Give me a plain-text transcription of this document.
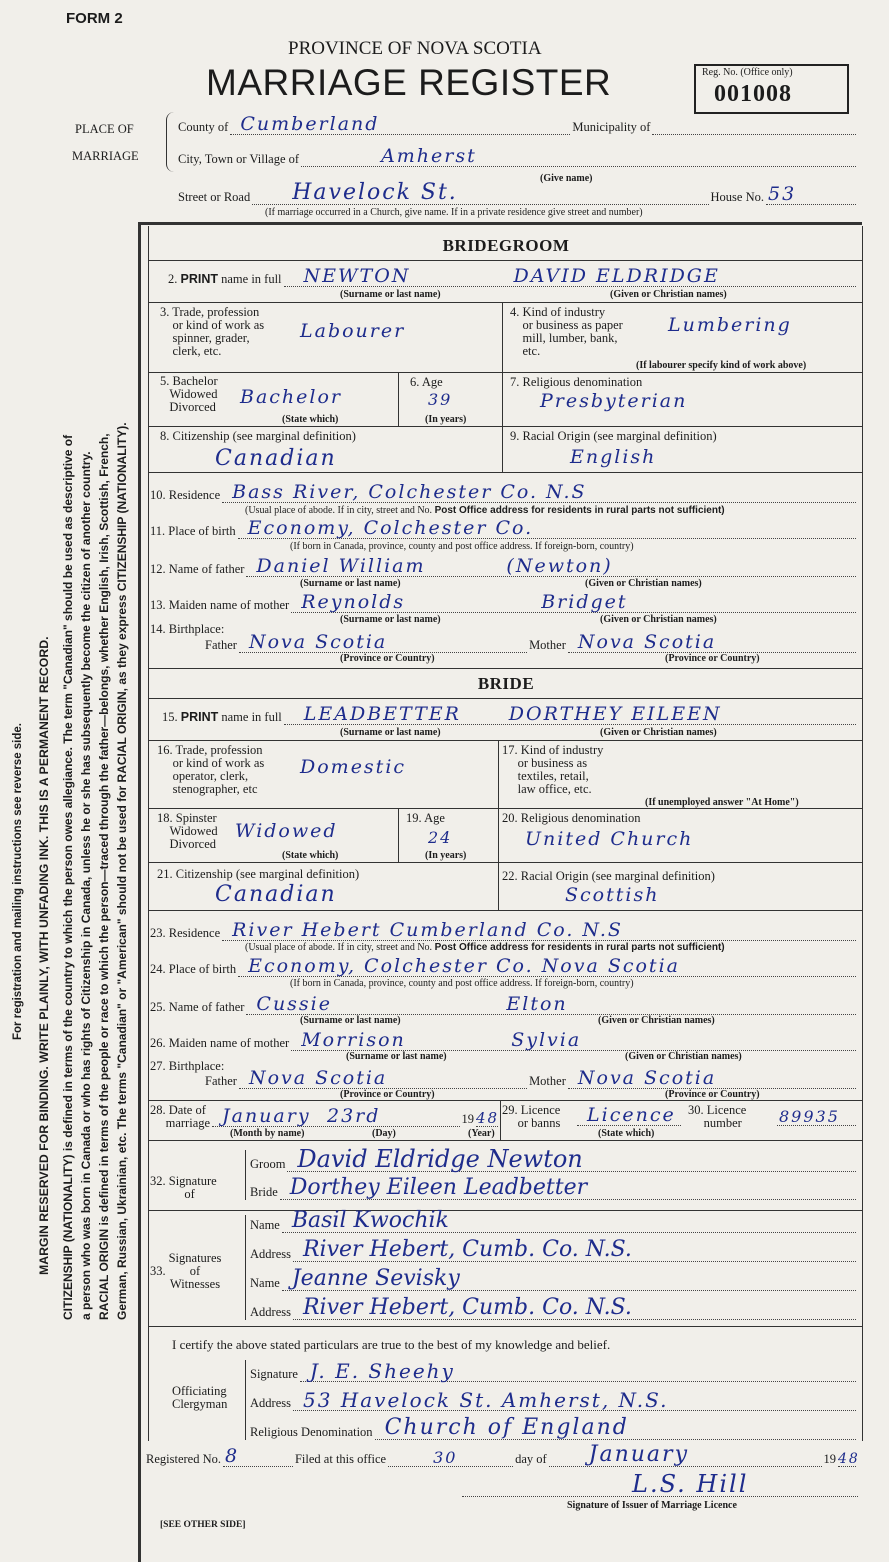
FORM 2
PROVINCE OF NOVA SCOTIA
MARRIAGE REGISTER	Reg. No. (Office only)
001008
PLACE OF
MARRIAGE
County of Cumberland	Municipality of
City, Town or Village of	Amherst
(Give name)
Street or Road Havelock St.	House No. 53
(If marriage occurred in a Church, give name. If in a private residence give street and number)
For registration and mailing instructions see reverse side. MARGIN RESERVED FOR BINDING. WRITE PLAINLY, WITH UNFADING INK. THIS IS A PERMANENT RECORD. CITIZENSHIP (NATIONALITY) is defined in terms of the country to which the person owes allegiance. The term "Canadian" should be used as descriptive of a person who was born in Canada or who has rights of Citizenship in Canada, unless he or she has subsequently become the citizen of another country. RACIAL ORIGIN is defined in terms of the people or race to which the person—traced through the father—belongs, whether English, Irish, Scottish, French, German, Russian, Ukrainian, etc. The terms "Canadian" or "American" should not be used for RACIAL ORIGIN, as they express CITIZENSHIP (NATIONALITY).
BRIDEGROOM
2. PRINT name in full NEWTON	DAVID ELDRIDGE
(Surname or last name)	(Given or Christian names)
3. Trade, profession
or kind of work as
spinner, grader,
clerk, etc.
Labourer
4. Kind of industry
or business as paper
mill, lumber, bank,
etc.
Lumbering
(If labourer specify kind of work above)
5. Bachelor
Widowed
Divorced Bachelor
(State which)
6. Age
39
(In years)
7. Religious denomination
Presbyterian
8. Citizenship (see marginal definition)
Canadian
9. Racial Origin (see marginal definition)
English
10. Residence Bass River, Colchester Co. N.S
(Usual place of abode. If in city, street and No. Post Office address for residents in rural parts not sufficient)
11. Place of birth Economy, Colchester Co.
(If born in Canada, province, county and post office address. If foreign-born, country)
12. Name of father Daniel William	(Newton)
(Surname or last name)	(Given or Christian names)
13. Maiden name of mother Reynolds	Bridget
(Surname or last name)	(Given or Christian names)
14. Birthplace:
Father Nova Scotia	Mother Nova Scotia
(Province or Country)	(Province or Country)
BRIDE
15. PRINT name in full LEADBETTER	DORTHEY EILEEN
(Surname or last name)	(Given or Christian names)
16. Trade, profession
or kind of work as
operator, clerk,
stenographer, etc
Domestic
17. Kind of industry
or business as
textiles, retail,
law office, etc.
(If unemployed answer "At Home")
18. Spinster
Widowed
Divorced
Widowed
(State which)
19. Age
24
(In years)
20. Religious denomination
United Church
21. Citizenship (see marginal definition)
Canadian
22. Racial Origin (see marginal definition)
Scottish
23. Residence River Hebert Cumberland Co. N.S
(Usual place of abode. If in city, street and No. Post Office address for residents in rural parts not sufficient)
24. Place of birth Economy, Colchester Co. Nova Scotia
(If born in Canada, province, county and post office address. If foreign-born, country)
25. Name of father Cussie	Elton
(Surname or last name)	(Given or Christian names)
26. Maiden name of mother Morrison	Sylvia
(Surname or last name)	(Given or Christian names)
27. Birthplace:
Father Nova Scotia	Mother Nova Scotia
(Province or Country)	(Province or Country)
28. Date of
marriage January 23rd	19 48
(Month by name)	(Day)	(Year)
29. Licence
or banns Licence
(State which)
30. Licence
number 89935
32. Signature
of
Groom David Eldridge Newton
Bride Dorthey Eileen Leadbetter
Signatures
of
Witnesses
33.
Name Basil Kwochik
Address River Hebert, Cumb. Co. N.S.
Name Jeanne Sevisky
Address River Hebert, Cumb. Co. N.S.
I certify the above stated particulars are true to the best of my knowledge and belief.
Officiating
Clergyman
Signature J. E. Sheehy
Address 53 Havelock St. Amherst, N.S.
Religious Denomination Church of England
Registered No. 8	Filed at this office	30	day of January	19 48
L.S. Hill
Signature of Issuer of Marriage Licence
[SEE OTHER SIDE]
